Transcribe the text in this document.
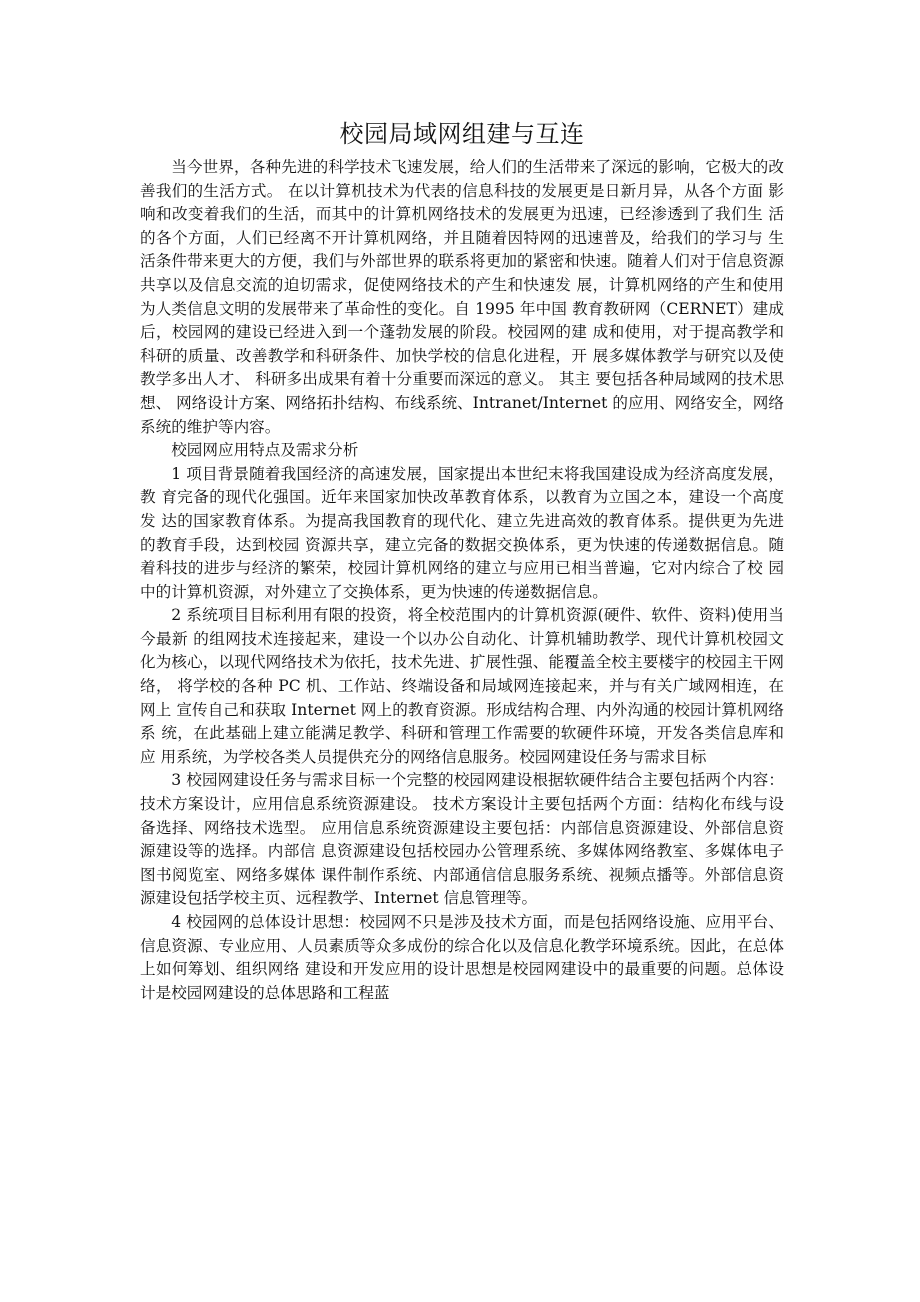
校园局域网组建与互连

当今世界，各种先进的科学技术飞速发展，给人们的生活带来了深远的影响，它极大的改善我们的生活方式。 在以计算机技术为代表的信息科技的发展更是日新月异，从各个方面 影响和改变着我们的生活，而其中的计算机网络技术的发展更为迅速，已经渗透到了我们生 活的各个方面，人们已经离不开计算机网络，并且随着因特网的迅速普及，给我们的学习与 生活条件带来更大的方便，我们与外部世界的联系将更加的紧密和快速。随着人们对于信息资源共享以及信息交流的迫切需求，促使网络技术的产生和快速发 展，计算机网络的产生和使用为人类信息文明的发展带来了革命性的变化。自 1995 年中国 教育教研网（CERNET）建成后，校园网的建设已经进入到一个蓬勃发展的阶段。校园网的建 成和使用，对于提高教学和科研的质量、改善教学和科研条件、加快学校的信息化进程，开 展多媒体教学与研究以及使教学多出人才、 科研多出成果有着十分重要而深远的意义。 其主 要包括各种局域网的技术思想、 网络设计方案、网络拓扑结构、布线系统、Intranet/Internet 的应用、网络安全，网络系统的维护等内容。

校园网应用特点及需求分析

1 项目背景随着我国经济的高速发展，国家提出本世纪末将我国建设成为经济高度发展，教 育完备的现代化强国。近年来国家加快改革教育体系，以教育为立国之本，建设一个高度发 达的国家教育体系。为提高我国教育的现代化、建立先进高效的教育体系。提供更为先进的教育手段，达到校园 资源共享，建立完备的数据交换体系，更为快速的传递数据信息。随着科技的进步与经济的繁荣，校园计算机网络的建立与应用已相当普遍，它对内综合了校 园中的计算机资源，对外建立了交换体系，更为快速的传递数据信息。

2 系统项目目标利用有限的投资，将全校范围内的计算机资源(硬件、软件、资料)使用当今最新 的组网技术连接起来，建设一个以办公自动化、计算机辅助教学、现代计算机校园文化为核心，以现代网络技术为依托，技术先进、扩展性强、能覆盖全校主要楼宇的校园主干网络， 将学校的各种 PC 机、工作站、终端设备和局域网连接起来，并与有关广域网相连，在网上 宣传自己和获取 Internet 网上的教育资源。形成结构合理、内外沟通的校园计算机网络系 统，在此基础上建立能满足教学、科研和管理工作需要的软硬件环境，开发各类信息库和应 用系统，为学校各类人员提供充分的网络信息服务。校园网建设任务与需求目标

3 校园网建设任务与需求目标一个完整的校园网建设根据软硬件结合主要包括两个内容：技术方案设计，应用信息系统资源建设。 技术方案设计主要包括两个方面：结构化布线与设备选择、网络技术选型。 应用信息系统资源建设主要包括：内部信息资源建设、外部信息资源建设等的选择。内部信 息资源建设包括校园办公管理系统、多媒体网络教室、多媒体电子图书阅览室、网络多媒体 课件制作系统、内部通信信息服务系统、视频点播等。外部信息资源建设包括学校主页、远程教学、Internet 信息管理等。

4 校园网的总体设计思想：校园网不只是涉及技术方面，而是包括网络设施、应用平台、信息资源、专业应用、人员素质等众多成份的综合化以及信息化教学环境系统。因此，在总体上如何筹划、组织网络 建设和开发应用的设计思想是校园网建设中的最重要的问题。总体设计是校园网建设的总体思路和工程蓝
